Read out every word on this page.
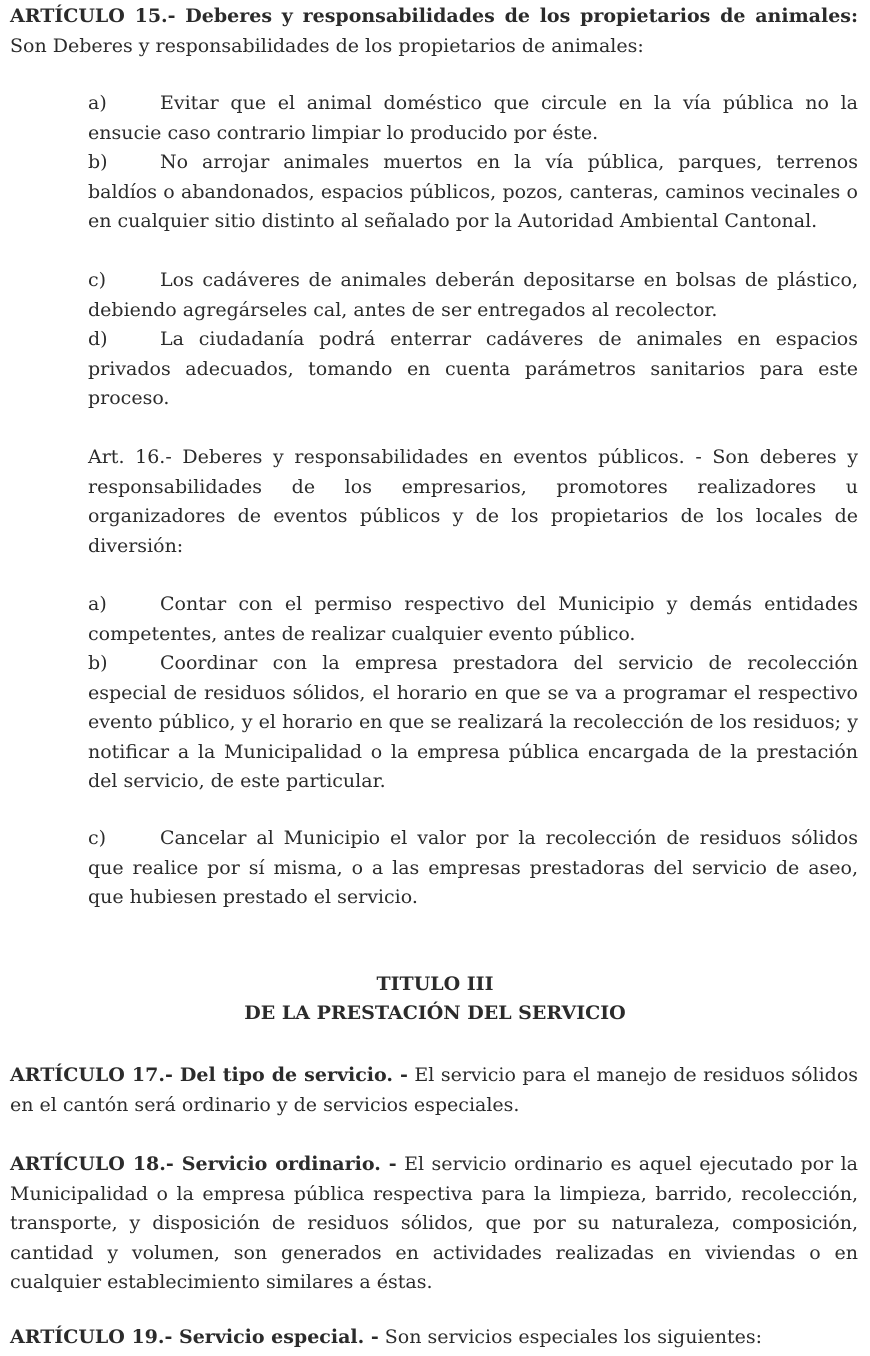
ARTÍCULO 15.- Deberes y responsabilidades de los propietarios de animales: Son Deberes y responsabilidades de los propietarios de animales:

a)	Evitar que el animal doméstico que circule en la vía pública no la ensucie caso contrario limpiar lo producido por éste.

b)	No arrojar animales muertos en la vía pública, parques, terrenos baldíos o abandonados, espacios públicos, pozos, canteras, caminos vecinales o en cualquier sitio distinto al señalado por la Autoridad Ambiental Cantonal.

c)	Los cadáveres de animales deberán depositarse en bolsas de plástico, debiendo agregárseles cal, antes de ser entregados al recolector.

d)	La ciudadanía podrá enterrar cadáveres de animales en espacios privados adecuados, tomando en cuenta parámetros sanitarios para este proceso.

Art. 16.- Deberes y responsabilidades en eventos públicos. - Son deberes y responsabilidades de los empresarios, promotores realizadores u organizadores de eventos públicos y de los propietarios de los locales de diversión:

a)	Contar con el permiso respectivo del Municipio y demás entidades competentes, antes de realizar cualquier evento público.

b)	Coordinar con la empresa prestadora del servicio de recolección especial de residuos sólidos, el horario en que se va a programar el respectivo evento público, y el horario en que se realizará la recolección de los residuos; y notificar a la Municipalidad o la empresa pública encargada de la prestación del servicio, de este particular.

c)	Cancelar al Municipio el valor por la recolección de residuos sólidos que realice por sí misma, o a las empresas prestadoras del servicio de aseo, que hubiesen prestado el servicio.

TITULO III
DE LA PRESTACIÓN DEL SERVICIO

ARTÍCULO 17.- Del tipo de servicio. - El servicio para el manejo de residuos sólidos en el cantón será ordinario y de servicios especiales.

ARTÍCULO 18.- Servicio ordinario. - El servicio ordinario es aquel ejecutado por la Municipalidad o la empresa pública respectiva para la limpieza, barrido, recolección, transporte, y disposición de residuos sólidos, que por su naturaleza, composición, cantidad y volumen, son generados en actividades realizadas en viviendas o en cualquier establecimiento similares a éstas.

ARTÍCULO 19.- Servicio especial. - Son servicios especiales los siguientes:
